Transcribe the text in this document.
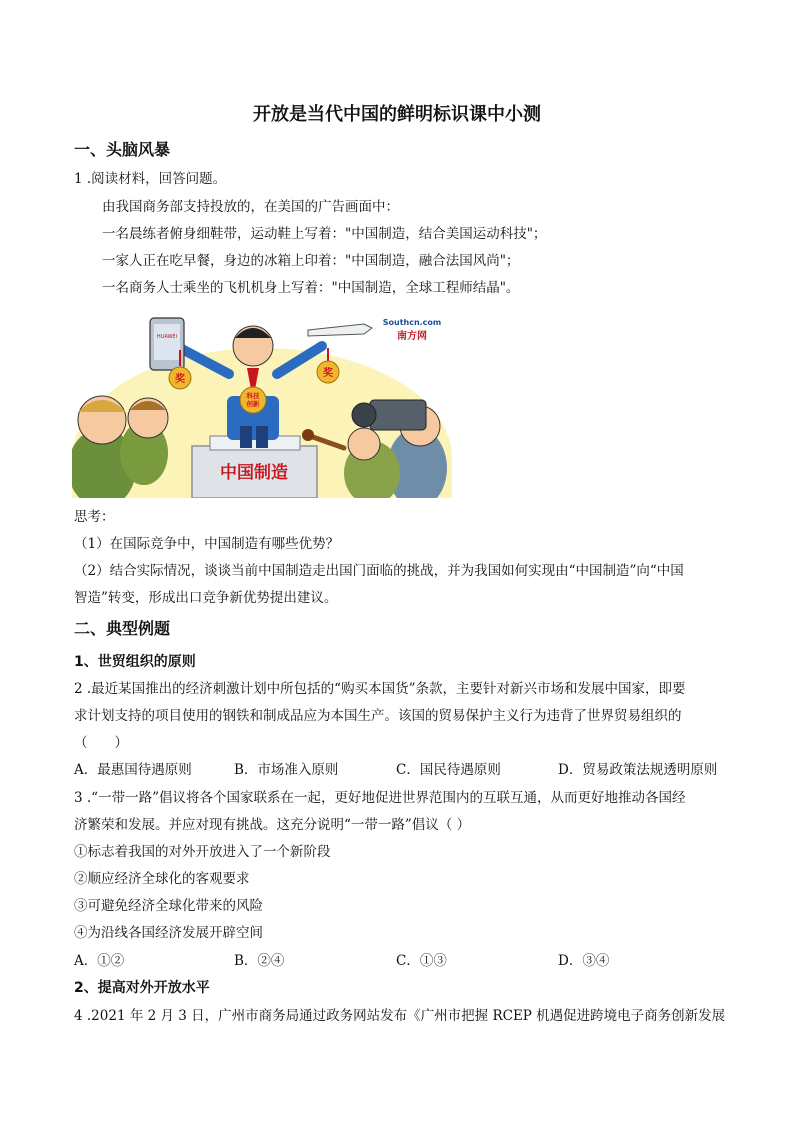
开放是当代中国的鲜明标识课中小测
一、头脑风暴
1 .阅读材料，回答问题。
由我国商务部支持投放的，在美国的广告画面中：
一名晨练者俯身细鞋带，运动鞋上写着："中国制造，结合美国运动科技"；
一家人正在吃早餐，身边的冰箱上印着："中国制造，融合法国风尚"；
一名商务人士乘坐的飞机机身上写着："中国制造，全球工程师结晶"。
中国制造
HUAWEI
奖
奖
科技
创新
Southcn.com
南方网
思考：
（1）在国际竞争中，中国制造有哪些优势？
（2）结合实际情况，谈谈当前中国制造走出国门面临的挑战，并为我国如何实现由“中国制造”向“中国
智造”转变，形成出口竞争新优势提出建议。
二、典型例题
1、世贸组织的原则
2 .最近某国推出的经济刺激计划中所包括的“购买本国货”条款，主要针对新兴市场和发展中国家，即要
求计划支持的项目使用的钢铁和制成品应为本国生产。该国的贸易保护主义行为违背了世界贸易组织的
（　　）
A．最惠国待遇原则	B．市场准入原则	C．国民待遇原则	D．贸易政策法规透明原则
3 .“一带一路”倡议将各个国家联系在一起，更好地促进世界范围内的互联互通，从而更好地推动各国经
济繁荣和发展。并应对现有挑战。这充分说明“一带一路”倡议（ ）
①标志着我国的对外开放进入了一个新阶段
②顺应经济全球化的客观要求
③可避免经济全球化带来的风险
④为沿线各国经济发展开辟空间
A．①②	B．②④	C．①③	D．③④
2、提高对外开放水平
4 .2021 年 2 月 3 日，广州市商务局通过政务网站发布《广州市把握 RCEP 机遇促进跨境电子商务创新发展
